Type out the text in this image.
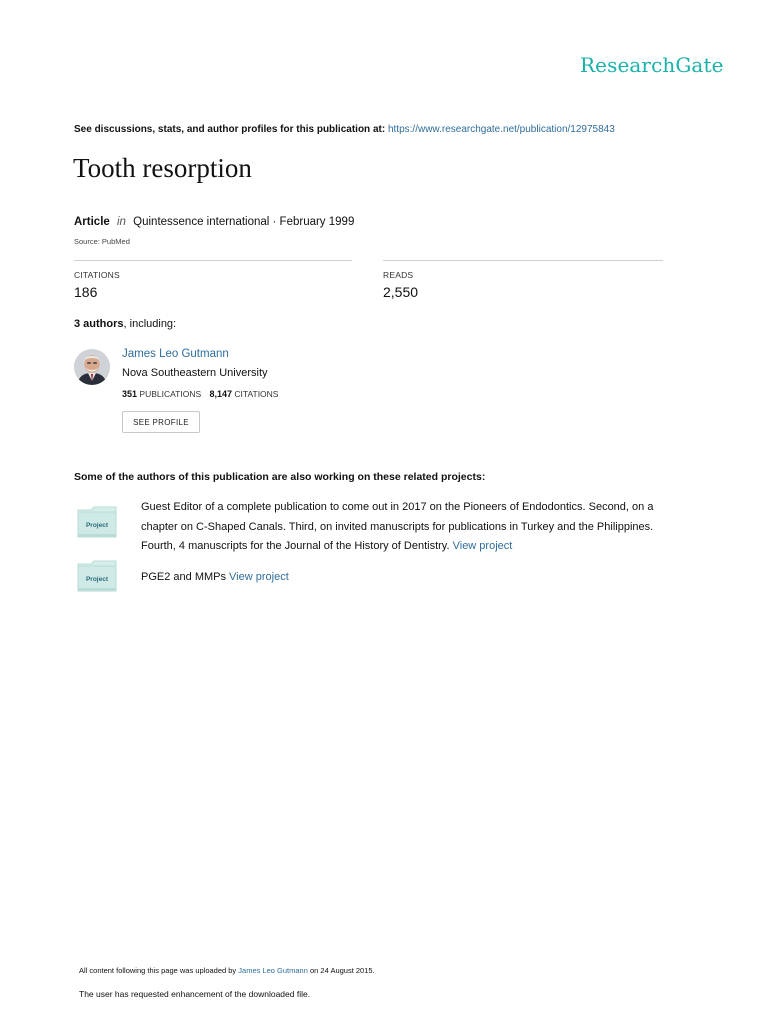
ResearchGate
See discussions, stats, and author profiles for this publication at: https://www.researchgate.net/publication/12975843
Tooth resorption
Article in Quintessence international · February 1999
Source: PubMed
CITATIONS
186
READS
2,550
3 authors, including:
James Leo Gutmann
Nova Southeastern University
351 PUBLICATIONS 8,147 CITATIONS
SEE PROFILE
Some of the authors of this publication are also working on these related projects:
Project
Guest Editor of a complete publication to come out in 2017 on the Pioneers of Endodontics. Second, on a chapter on C-Shaped Canals. Third, on invited manuscripts for publications in Turkey and the Philippines. Fourth, 4 manuscripts for the Journal of the History of Dentistry. View project
Project	PGE2 and MMPs View project
All content following this page was uploaded by James Leo Gutmann on 24 August 2015.
The user has requested enhancement of the downloaded file.
